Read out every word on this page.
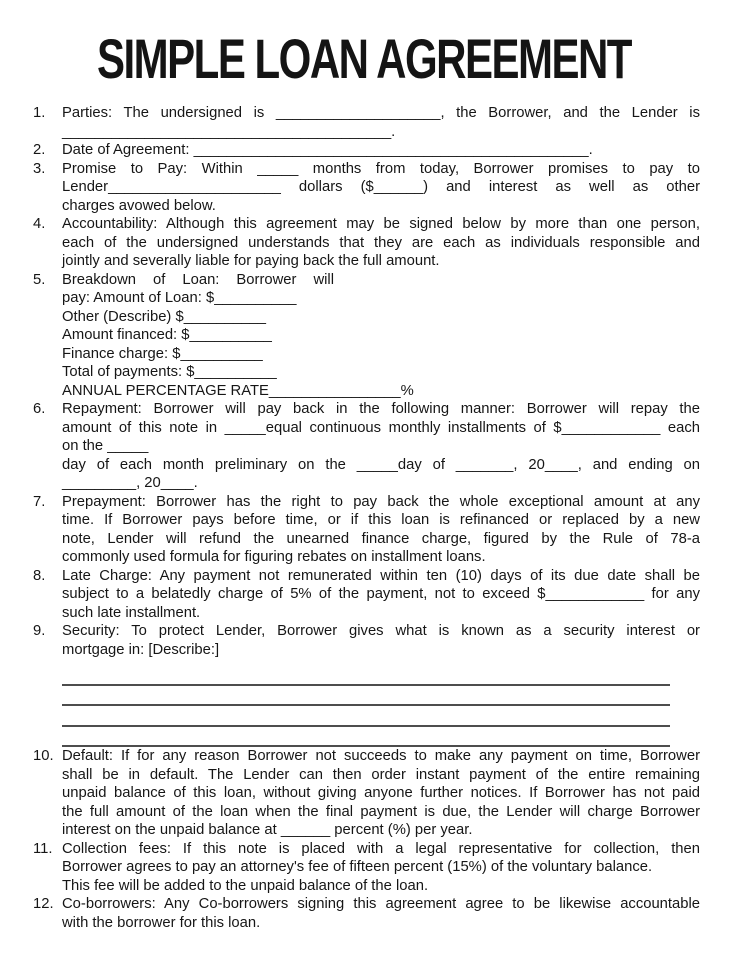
SIMPLE LOAN AGREEMENT
1.	Parties: The undersigned is ____________________, the Borrower, and the Lender is
________________________________________.
2.	Date of Agreement: ________________________________________________.
3.	Promise to Pay: Within _____ months from today, Borrower promises to pay to
Lender_____________________ dollars ($______) and interest as well as other
charges avowed below.
4.	Accountability: Although this agreement may be signed below by more than one person,
each of the undersigned understands that they are each as individuals responsible and
jointly and severally liable for paying back the full amount.
5.	Breakdown of Loan: Borrower will
pay: Amount of Loan: $__________
Other (Describe) $__________
Amount financed: $__________
Finance charge: $__________
Total of payments: $__________
ANNUAL PERCENTAGE RATE________________%
6.	Repayment: Borrower will pay back in the following manner: Borrower will repay the
amount of this note in _____equal continuous monthly installments of $____________ each
on the _____
day of each month preliminary on the _____day of _______, 20____, and ending on
_________, 20____.
7.	Prepayment: Borrower has the right to pay back the whole exceptional amount at any
time. If Borrower pays before time, or if this loan is refinanced or replaced by a new
note, Lender will refund the unearned finance charge, figured by the Rule of 78-a
commonly used formula for figuring rebates on installment loans.
8.	Late Charge: Any payment not remunerated within ten (10) days of its due date shall be
subject to a belatedly charge of 5% of the payment, not to exceed $____________ for any
such late installment.
9.	Security: To protect Lender, Borrower gives what is known as a security interest or
mortgage in: [Describe:]
10. Default: If for any reason Borrower not succeeds to make any payment on time, Borrower
shall be in default. The Lender can then order instant payment of the entire remaining
unpaid balance of this loan, without giving anyone further notices. If Borrower has not paid
the full amount of the loan when the final payment is due, the Lender will charge Borrower
interest on the unpaid balance at ______ percent (%) per year.
11. Collection fees: If this note is placed with a legal representative for collection, then
Borrower agrees to pay an attorney's fee of fifteen percent (15%) of the voluntary balance.
This fee will be added to the unpaid balance of the loan.
12. Co-borrowers: Any Co-borrowers signing this agreement agree to be likewise accountable
with the borrower for this loan.
